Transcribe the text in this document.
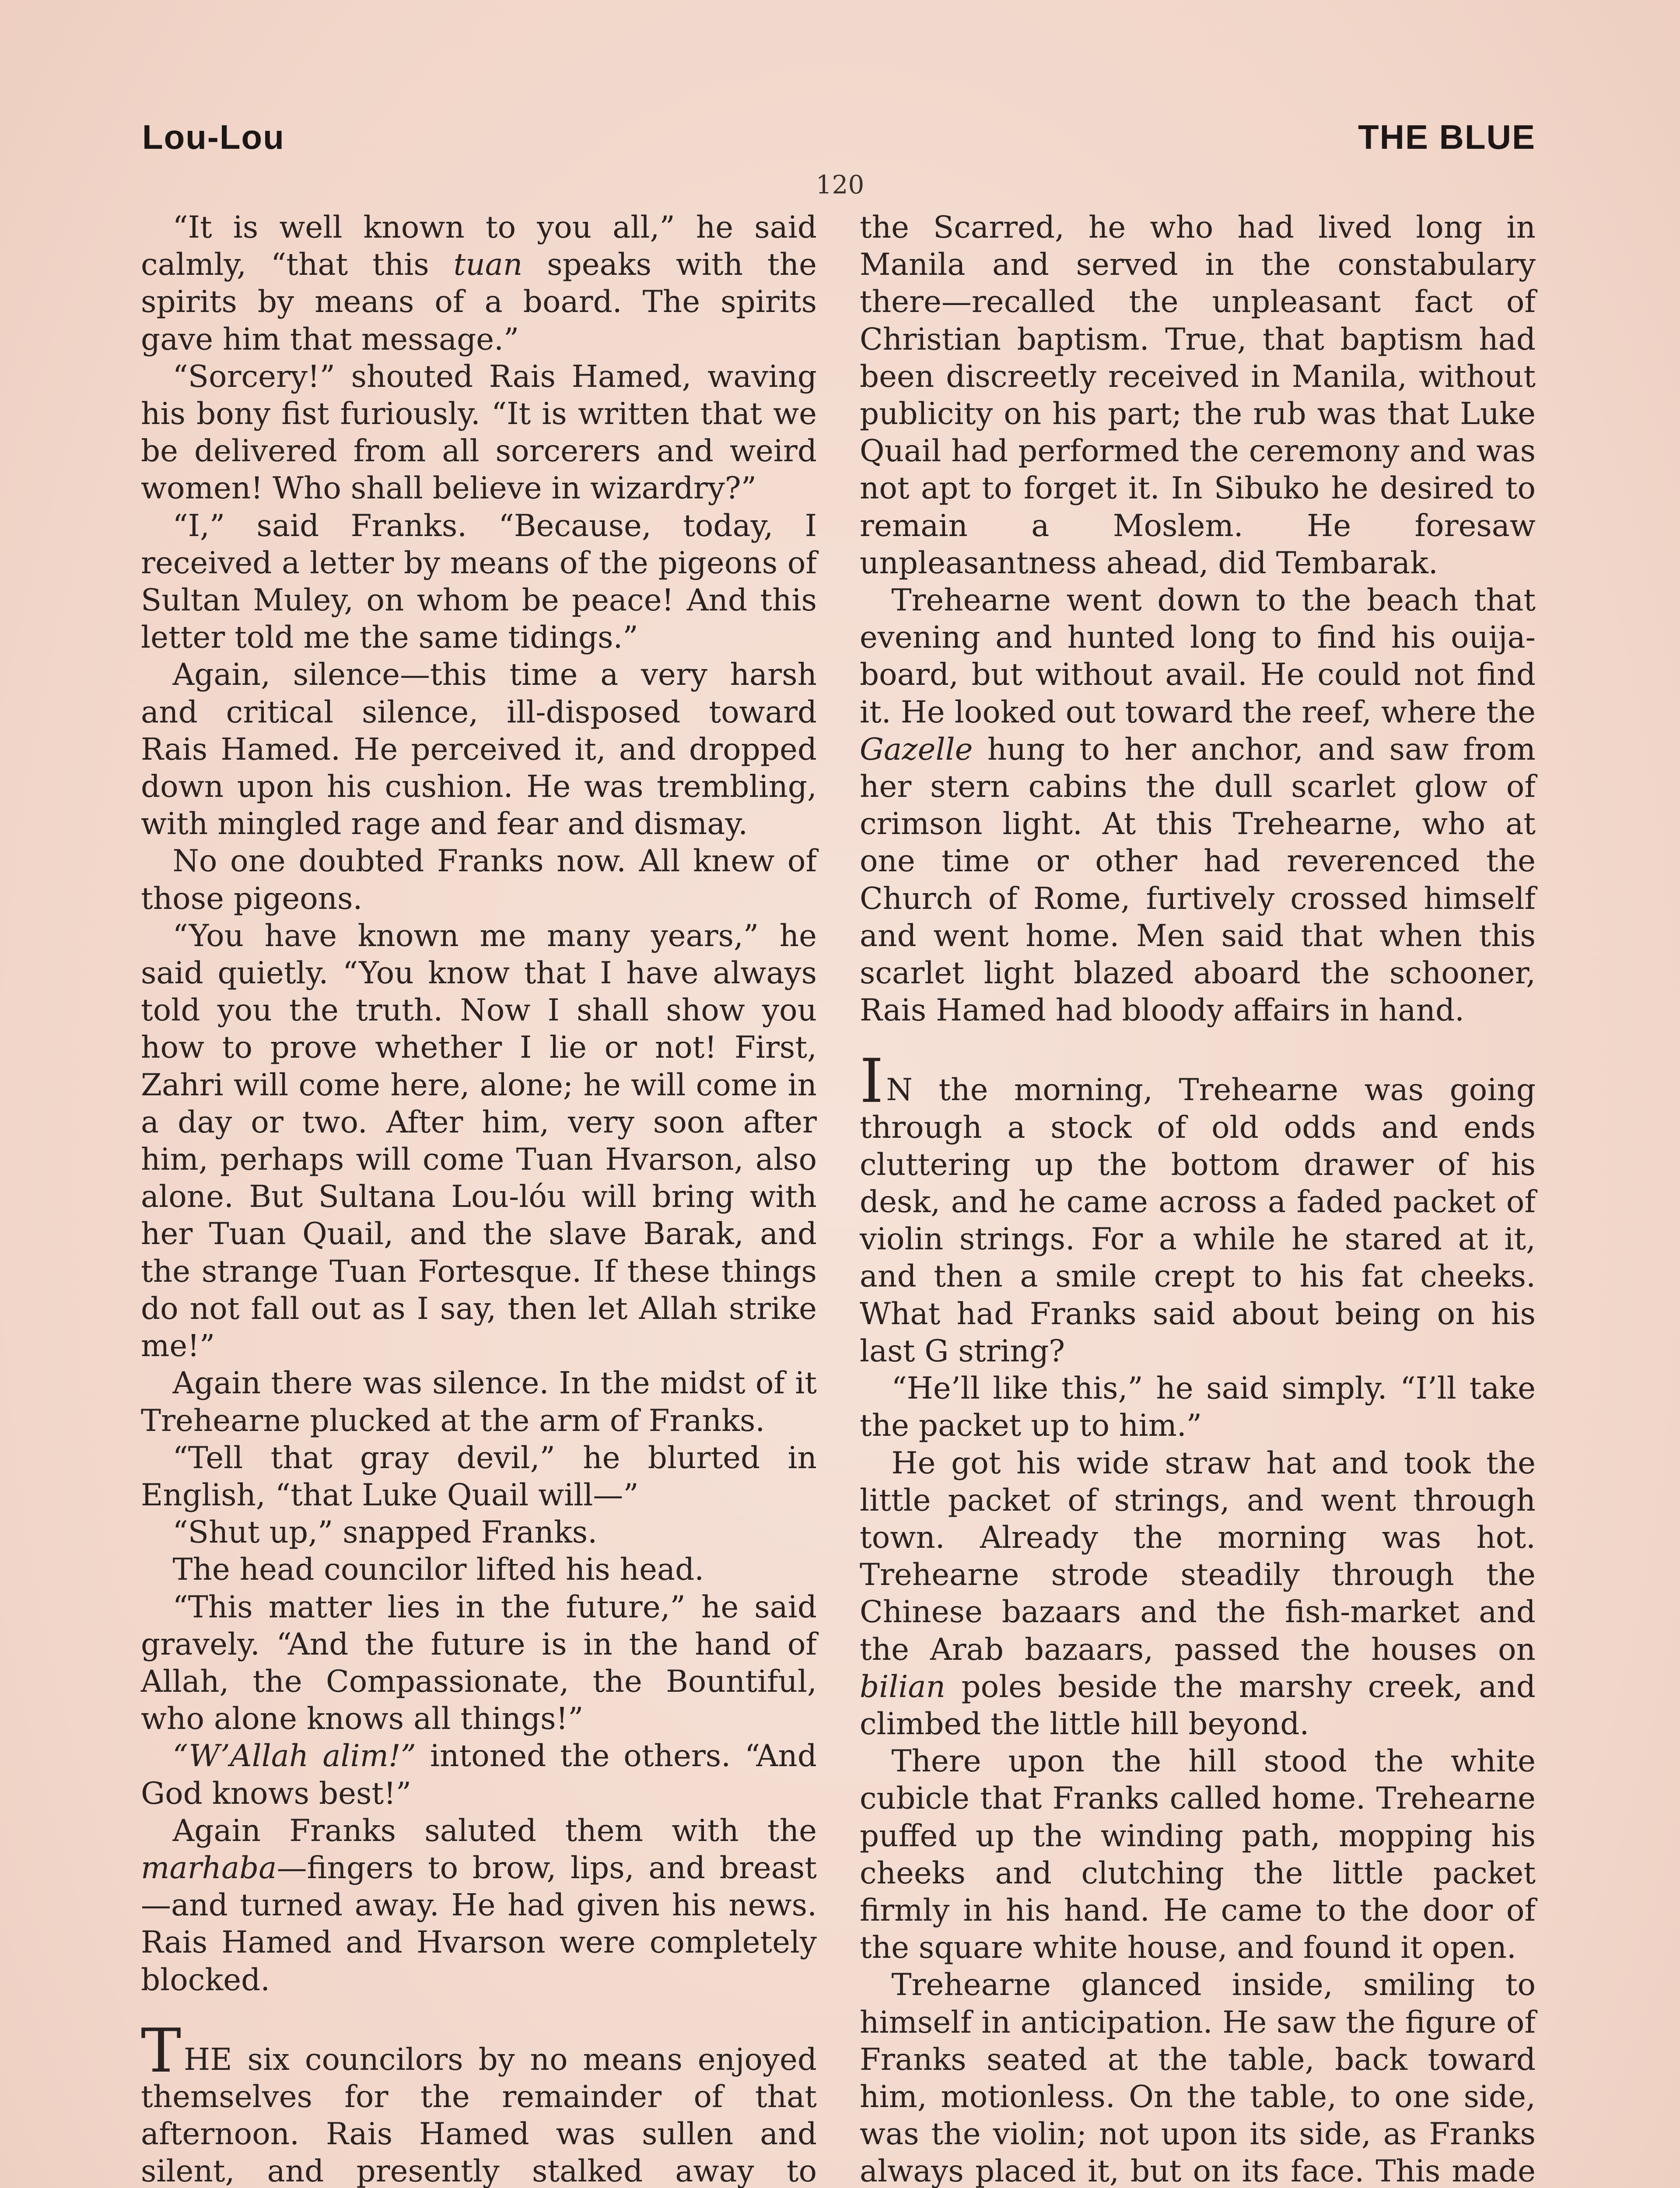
Lou-Lou	THE BLUE
120

“It is well known to you all,” he said calmly, “that this tuan speaks with the spirits by means of a board. The spirits gave him that message.”

“Sorcery!” shouted Rais Hamed, waving his bony fist furiously. “It is written that we be delivered from all sorcerers and weird women! Who shall believe in wizardry?”

“I,” said Franks. “Because, today, I received a letter by means of the pigeons of Sultan Muley, on whom be peace! And this letter told me the same tidings.”

Again, silence—this time a very harsh and critical silence, ill-disposed toward Rais Hamed. He perceived it, and dropped down upon his cushion. He was trembling, with mingled rage and fear and dismay.

No one doubted Franks now. All knew of those pigeons.

“You have known me many years,” he said quietly. “You know that I have always told you the truth. Now I shall show you how to prove whether I lie or not! First, Zahri will come here, alone; he will come in a day or two. After him, very soon after him, perhaps will come Tuan Hvarson, also alone. But Sultana Lou-lóu will bring with her Tuan Quail, and the slave Barak, and the strange Tuan Fortesque. If these things do not fall out as I say, then let Allah strike me!”

Again there was silence. In the midst of it Trehearne plucked at the arm of Franks.

“Tell that gray devil,” he blurted in English, “that Luke Quail will—”

“Shut up,” snapped Franks.

The head councilor lifted his head.

“This matter lies in the future,” he said gravely. “And the future is in the hand of Allah, the Compassionate, the Bountiful, who alone knows all things!”

“W’Allah alim!” intoned the others. “And God knows best!”

Again Franks saluted them with the marhaba—fingers to brow, lips, and breast —and turned away. He had given his news. Rais Hamed and Hvarson were completely blocked.

THE six councilors by no means enjoyed themselves for the remainder of that afternoon. Rais Hamed was sullen and silent, and presently stalked away to

the Scarred, he who had lived long in Manila and served in the constabulary there—recalled the unpleasant fact of Christian baptism. True, that baptism had been discreetly received in Manila, without publicity on his part; the rub was that Luke Quail had performed the ceremony and was not apt to forget it. In Sibuko he desired to remain a Moslem. He foresaw unpleasantness ahead, did Tembarak.

Trehearne went down to the beach that evening and hunted long to find his ouija-board, but without avail. He could not find it. He looked out toward the reef, where the Gazelle hung to her anchor, and saw from her stern cabins the dull scarlet glow of crimson light. At this Trehearne, who at one time or other had reverenced the Church of Rome, furtively crossed himself and went home. Men said that when this scarlet light blazed aboard the schooner, Rais Hamed had bloody affairs in hand.

IN the morning, Trehearne was going through a stock of old odds and ends cluttering up the bottom drawer of his desk, and he came across a faded packet of violin strings. For a while he stared at it, and then a smile crept to his fat cheeks. What had Franks said about being on his last G string?

“He’ll like this,” he said simply. “I’ll take the packet up to him.”

He got his wide straw hat and took the little packet of strings, and went through town. Already the morning was hot. Trehearne strode steadily through the Chinese bazaars and the fish-market and the Arab bazaars, passed the houses on bilian poles beside the marshy creek, and climbed the little hill beyond.

There upon the hill stood the white cubicle that Franks called home. Trehearne puffed up the winding path, mopping his cheeks and clutching the little packet firmly in his hand. He came to the door of the square white house, and found it open.

Trehearne glanced inside, smiling to himself in anticipation. He saw the figure of Franks seated at the table, back toward him, motionless. On the table, to one side, was the violin; not upon its side, as Franks always placed it, but on its face. This made
